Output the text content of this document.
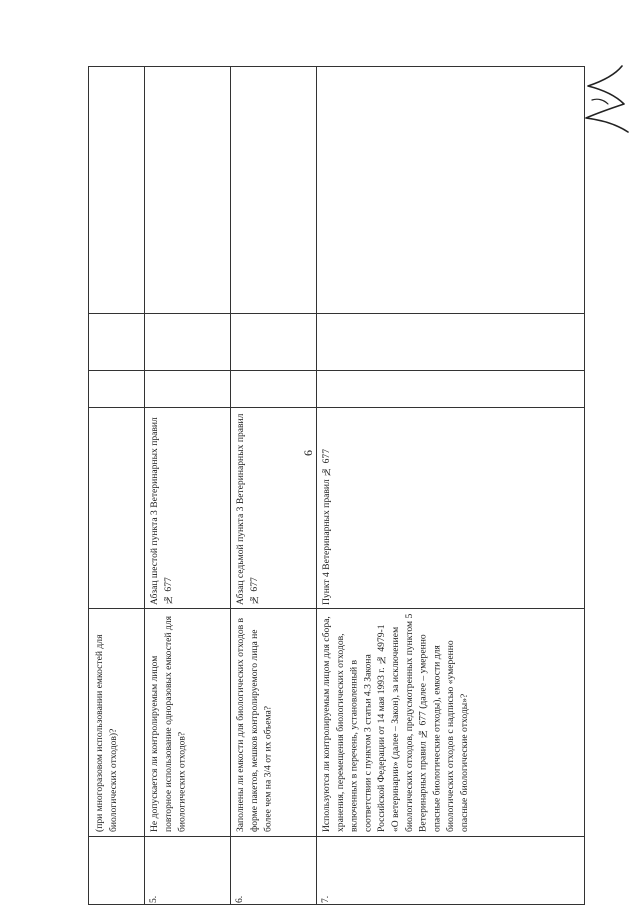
6
(при многоразовом использовании емкостей для биологических отходов)?
5.
Не допускается ли контролируемым лицом повторное использование одноразовых емкостей для биологических отходов?
Абзац шестой пункта 3 Ветеринарных правил № 677
6.
Заполнены ли емкости для биологических отходов в форме пакетов, мешков контролируемого лица не более чем на 3/4 от их объема?
Абзац седьмой пункта 3 Ветеринарных правил № 677
7.
Используются ли контролируемым лицом для сбора, хранения, перемещения биологических отходов, включенных в перечень, установленный в соответствии с пунктом 3 статьи 4.3 Закона Российской Федерации от 14 мая 1993 г. № 4979-1 «О ветеринарии» (далее – Закон), за исключением биологических отходов, предусмотренных пунктом 5 Ветеринарных правил № 677 (далее – умеренно опасные биологические отходы), емкости для биологических отходов с надписью «умеренно опасные биологические отходы»?
Пункт 4 Ветеринарных правил № 677
